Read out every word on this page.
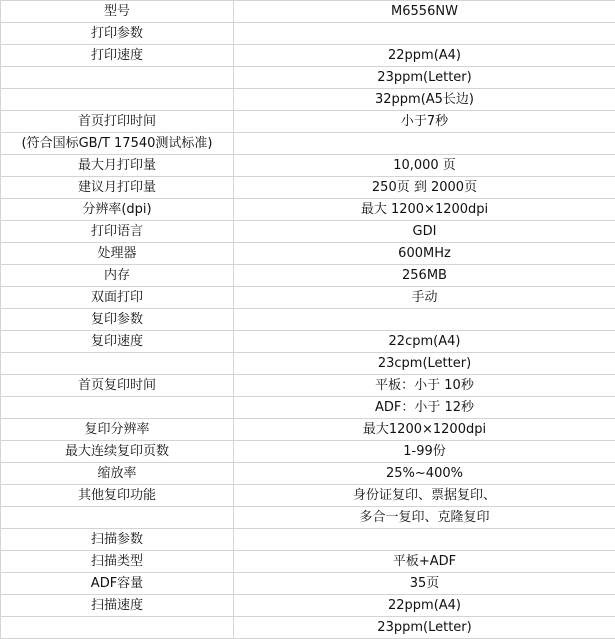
型号	M6556NW
打印参数	
打印速度	22ppm(A4)
	23ppm(Letter)
	32ppm(A5长边)
首页打印时间	小于7秒
(符合国标GB/T 17540测试标准)	
最大月打印量	10,000 页
建议月打印量	250页 到 2000页
分辨率(dpi)	最大 1200×1200dpi
打印语言	GDI
处理器	600MHz
内存	256MB
双面打印	手动
复印参数	
复印速度	22cpm(A4)
	23cpm(Letter)
首页复印时间	平板：小于 10秒
	ADF：小于 12秒
复印分辨率	最大1200×1200dpi
最大连续复印页数	1-99份
缩放率	25%~400%
其他复印功能	身份证复印、票据复印、
	多合一复印、克隆复印
扫描参数	
扫描类型	平板+ADF
ADF容量	35页
扫描速度	22ppm(A4)
	23ppm(Letter)
